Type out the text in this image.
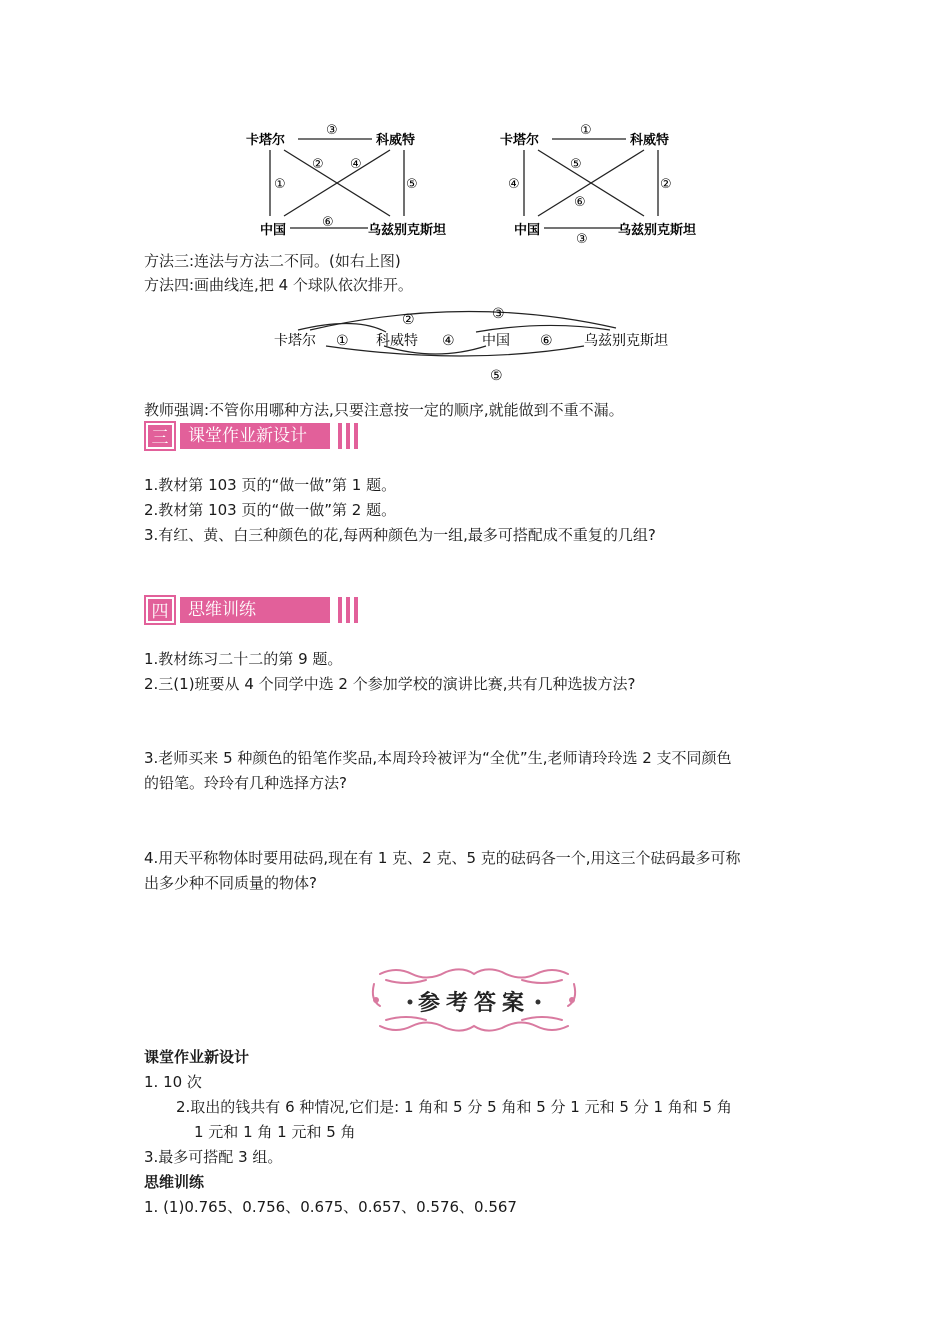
卡塔尔	科威特
中国	乌兹别克斯坦
③
② ④
①	⑤
⑥
卡塔尔	科威特
中国	乌兹别克斯坦
①
⑤
⑥
④	②
③
方法三:连法与方法二不同。(如右上图)
方法四:画曲线连,把 4 个球队依次排开。
卡塔尔 ① 科威特 ④ 中国 ⑥ 乌兹别克斯坦
②	③
⑤
教师强调:不管你用哪种方法,只要注意按一定的顺序,就能做到不重不漏。
三	课堂作业新设计
1.教材第 103 页的“做一做”第 1 题。
2.教材第 103 页的“做一做”第 2 题。
3.有红、黄、白三种颜色的花,每两种颜色为一组,最多可搭配成不重复的几组?
四	思维训练
1.教材练习二十二的第 9 题。
2.三(1)班要从 4 个同学中选 2 个参加学校的演讲比赛,共有几种选拔方法?
3.老师买来 5 种颜色的铅笔作奖品,本周玲玲被评为“全优”生,老师请玲玲选 2 支不同颜色
的铅笔。玲玲有几种选择方法?
4.用天平称物体时要用砝码,现在有 1 克、2 克、5 克的砝码各一个,用这三个砝码最多可称
出多少种不同质量的物体?
参考答案
课堂作业新设计
1. 10 次
2.取出的钱共有 6 种情况,它们是: 1 角和 5 分 5 角和 5 分 1 元和 5 分 1 角和 5 角
1 元和 1 角 1 元和 5 角
3.最多可搭配 3 组。
思维训练
1. (1)0.765、0.756、0.675、0.657、0.576、0.567
